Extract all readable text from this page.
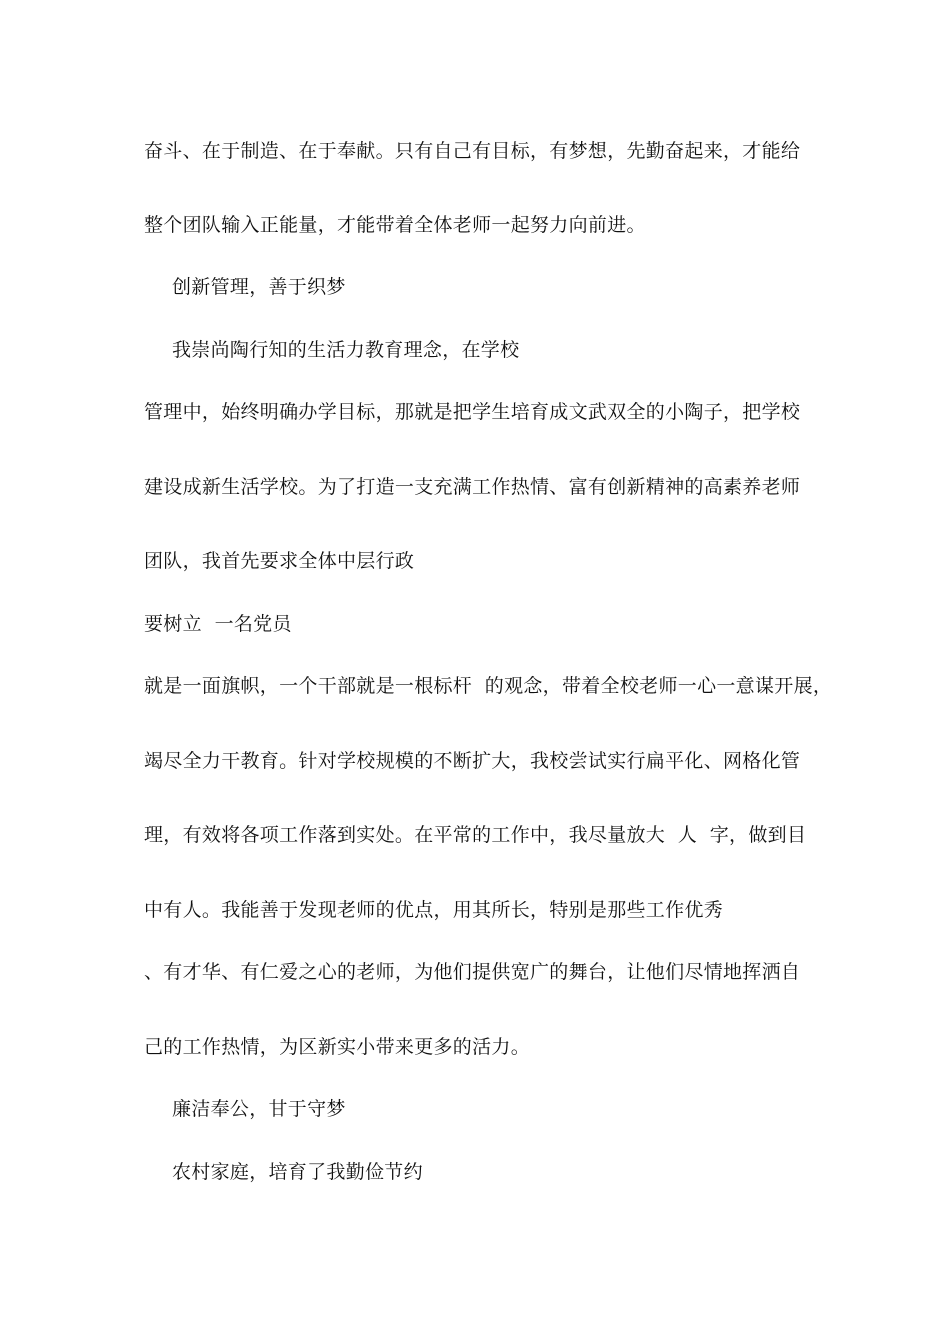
奋斗、在于制造、在于奉献。只有自己有目标，有梦想，先勤奋起来，才能给
整个团队输入正能量，才能带着全体老师一起努力向前进。
创新管理，善于织梦
我崇尚陶行知的生活力教育理念，在学校
管理中，始终明确办学目标，那就是把学生培育成文武双全的小陶子，把学校
建设成新生活学校。为了打造一支充满工作热情、富有创新精神的高素养老师
团队，我首先要求全体中层行政
要树立  一名党员
就是一面旗帜，一个干部就是一根标杆  的观念，带着全校老师一心一意谋开展，
竭尽全力干教育。针对学校规模的不断扩大，我校尝试实行扁平化、网格化管
理，有效将各项工作落到实处。在平常的工作中，我尽量放大  人  字，做到目
中有人。我能善于发现老师的优点，用其所长，特别是那些工作优秀
、有才华、有仁爱之心的老师，为他们提供宽广的舞台，让他们尽情地挥洒自
己的工作热情，为区新实小带来更多的活力。
廉洁奉公，甘于守梦
农村家庭，培育了我勤俭节约
